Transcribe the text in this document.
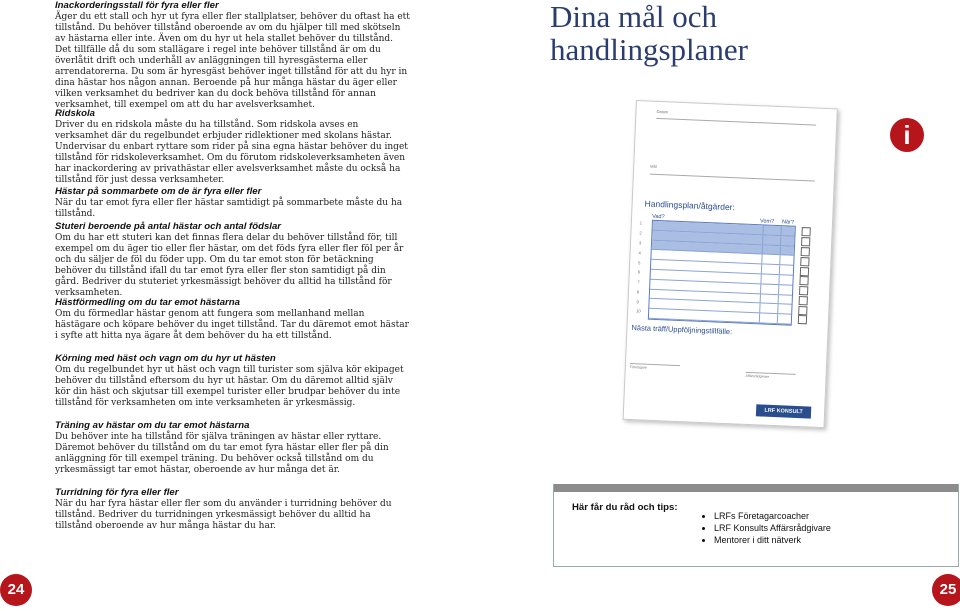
Inackorderingsstall för fyra eller fler

Äger du ett stall och hyr ut fyra eller fler stallplatser, behöver du oftast ha ett tillstånd. Du behöver tillstånd oberoende av om du hjälper till med skötseln av hästarna eller inte. Även om du hyr ut hela stallet behöver du tillstånd. Det tillfälle då du som stallägare i regel inte behöver tillstånd är om du överlåtit drift och underhåll av anläggningen till hyresgästerna eller arrendatorerna. Du som är hyresgäst behöver inget tillstånd för att du hyr in dina hästar hos någon annan. Beroende på hur många hästar du äger eller vilken verksamhet du bedriver kan du dock behöva tillstånd för annan verksamhet, till exempel om att du har avelsverksamhet.

Ridskola

Driver du en ridskola måste du ha tillstånd. Som ridskola avses en verksamhet där du regelbundet erbjuder ridlektioner med skolans hästar. Undervisar du enbart ryttare som rider på sina egna hästar behöver du inget tillstånd för ridskoleverksamhet. Om du förutom ridskoleverksamheten även har inackordering av privathästar eller avelsverksamhet måste du också ha tillstånd för just dessa verksamheter.

Hästar på sommarbete om de är fyra eller fler

När du tar emot fyra eller fler hästar samtidigt på sommarbete måste du ha tillstånd.

Stuteri beroende på antal hästar och antal födslar

Om du har ett stuteri kan det finnas flera delar du behöver tillstånd för, till exempel om du äger tio eller fler hästar, om det föds fyra eller fler föl per år och du säljer de föl du föder upp. Om du tar emot ston för betäckning behöver du tillstånd ifall du tar emot fyra eller fler ston samtidigt på din gård. Bedriver du stuteriet yrkesmässigt behöver du alltid ha tillstånd för verksamheten.

Hästförmedling om du tar emot hästarna

Om du förmedlar hästar genom att fungera som mellanhand mellan hästägare och köpare behöver du inget tillstånd. Tar du däremot emot hästar i syfte att hitta nya ägare åt dem behöver du ha ett tillstånd.

Körning med häst och vagn om du hyr ut hästen

Om du regelbundet hyr ut häst och vagn till turister som själva kör ekipaget behöver du tillstånd eftersom du hyr ut hästar. Om du däremot alltid själv kör din häst och skjutsar till exempel turister eller brudpar behöver du inte tillstånd för verksamheten om inte verksamheten är yrkesmässig.

Träning av hästar om du tar emot hästarna

Du behöver inte ha tillstånd för själva träningen av hästar eller ryttare. Däremot behöver du tillstånd om du tar emot fyra hästar eller fler på din anläggning för till exempel träning. Du behöver också tillstånd om du yrkesmässigt tar emot hästar, oberoende av hur många det är.

Turridning för fyra eller fler

När du har fyra hästar eller fler som du använder i turridning behöver du tillstånd. Bedriver du turridningen yrkesmässigt behöver du alltid ha tillstånd oberoende av hur många hästar du har.

24
Dina mål och handlingsplaner
i
Datum
Mål
Handlingsplan/åtgärder:
Vad?
Vem? När?
1
2
3
4
5
6
7
8
9
10
Nästa träff/Uppföljningstillfälle:
Företagare
Affärsrådgivare
LRF KONSULT
Här får du råd och tips:
• LRFs Företagarcoacher
• LRF Konsults Affärsrådgivare
• Mentorer i ditt nätverk
25
